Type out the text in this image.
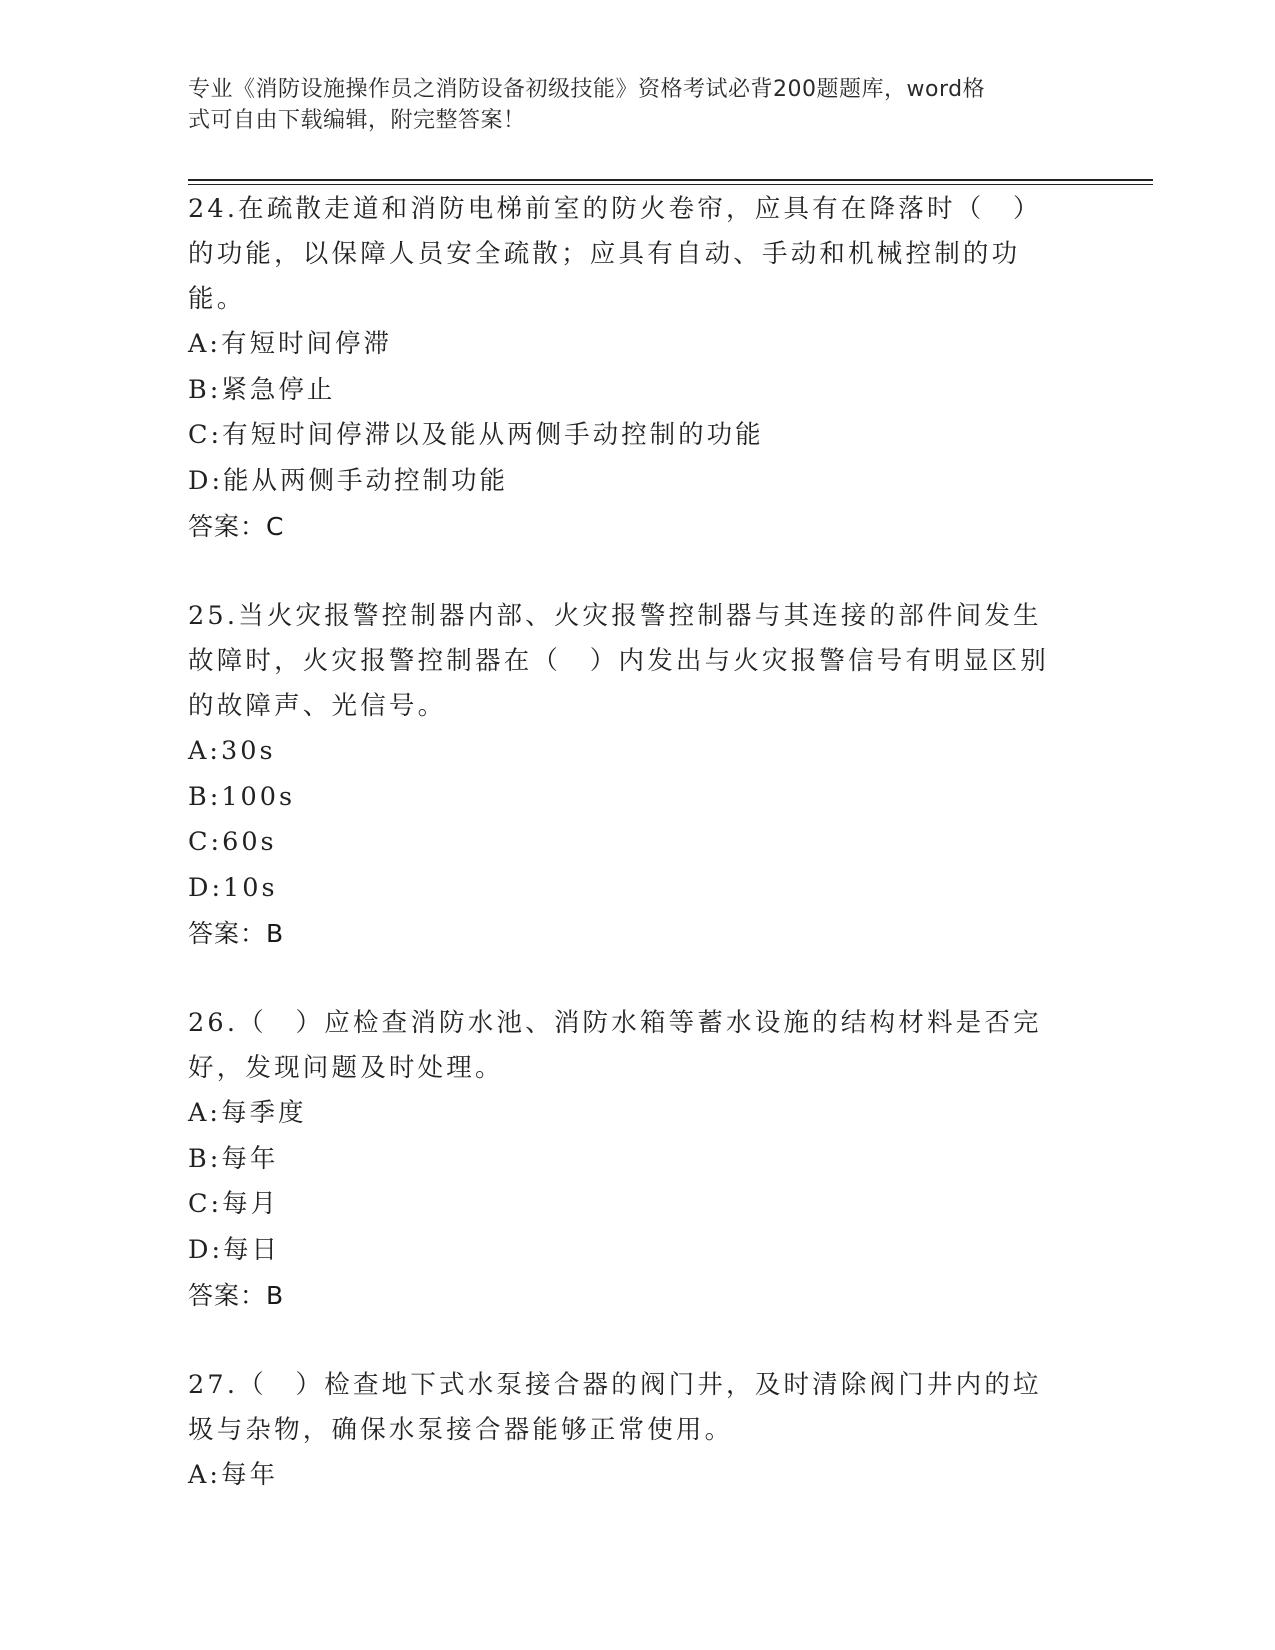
专业《消防设施操作员之消防设备初级技能》资格考试必背200题题库，word格
式可自由下载编辑，附完整答案！

24.在疏散走道和消防电梯前室的防火卷帘，应具有在降落时（　）的功能，以保障人员安全疏散；应具有自动、手动和机械控制的功能。

A:有短时间停滞
B:紧急停止
C:有短时间停滞以及能从两侧手动控制的功能
D:能从两侧手动控制功能
答案：C

25.当火灾报警控制器内部、火灾报警控制器与其连接的部件间发生故障时，火灾报警控制器在（　）内发出与火灾报警信号有明显区别的故障声、光信号。

A:30s
B:100s
C:60s
D:10s
答案：B

26.（　）应检查消防水池、消防水箱等蓄水设施的结构材料是否完好，发现问题及时处理。

A:每季度
B:每年
C:每月
D:每日
答案：B

27.（　）检查地下式水泵接合器的阀门井，及时清除阀门井内的垃圾与杂物，确保水泵接合器能够正常使用。

A:每年
